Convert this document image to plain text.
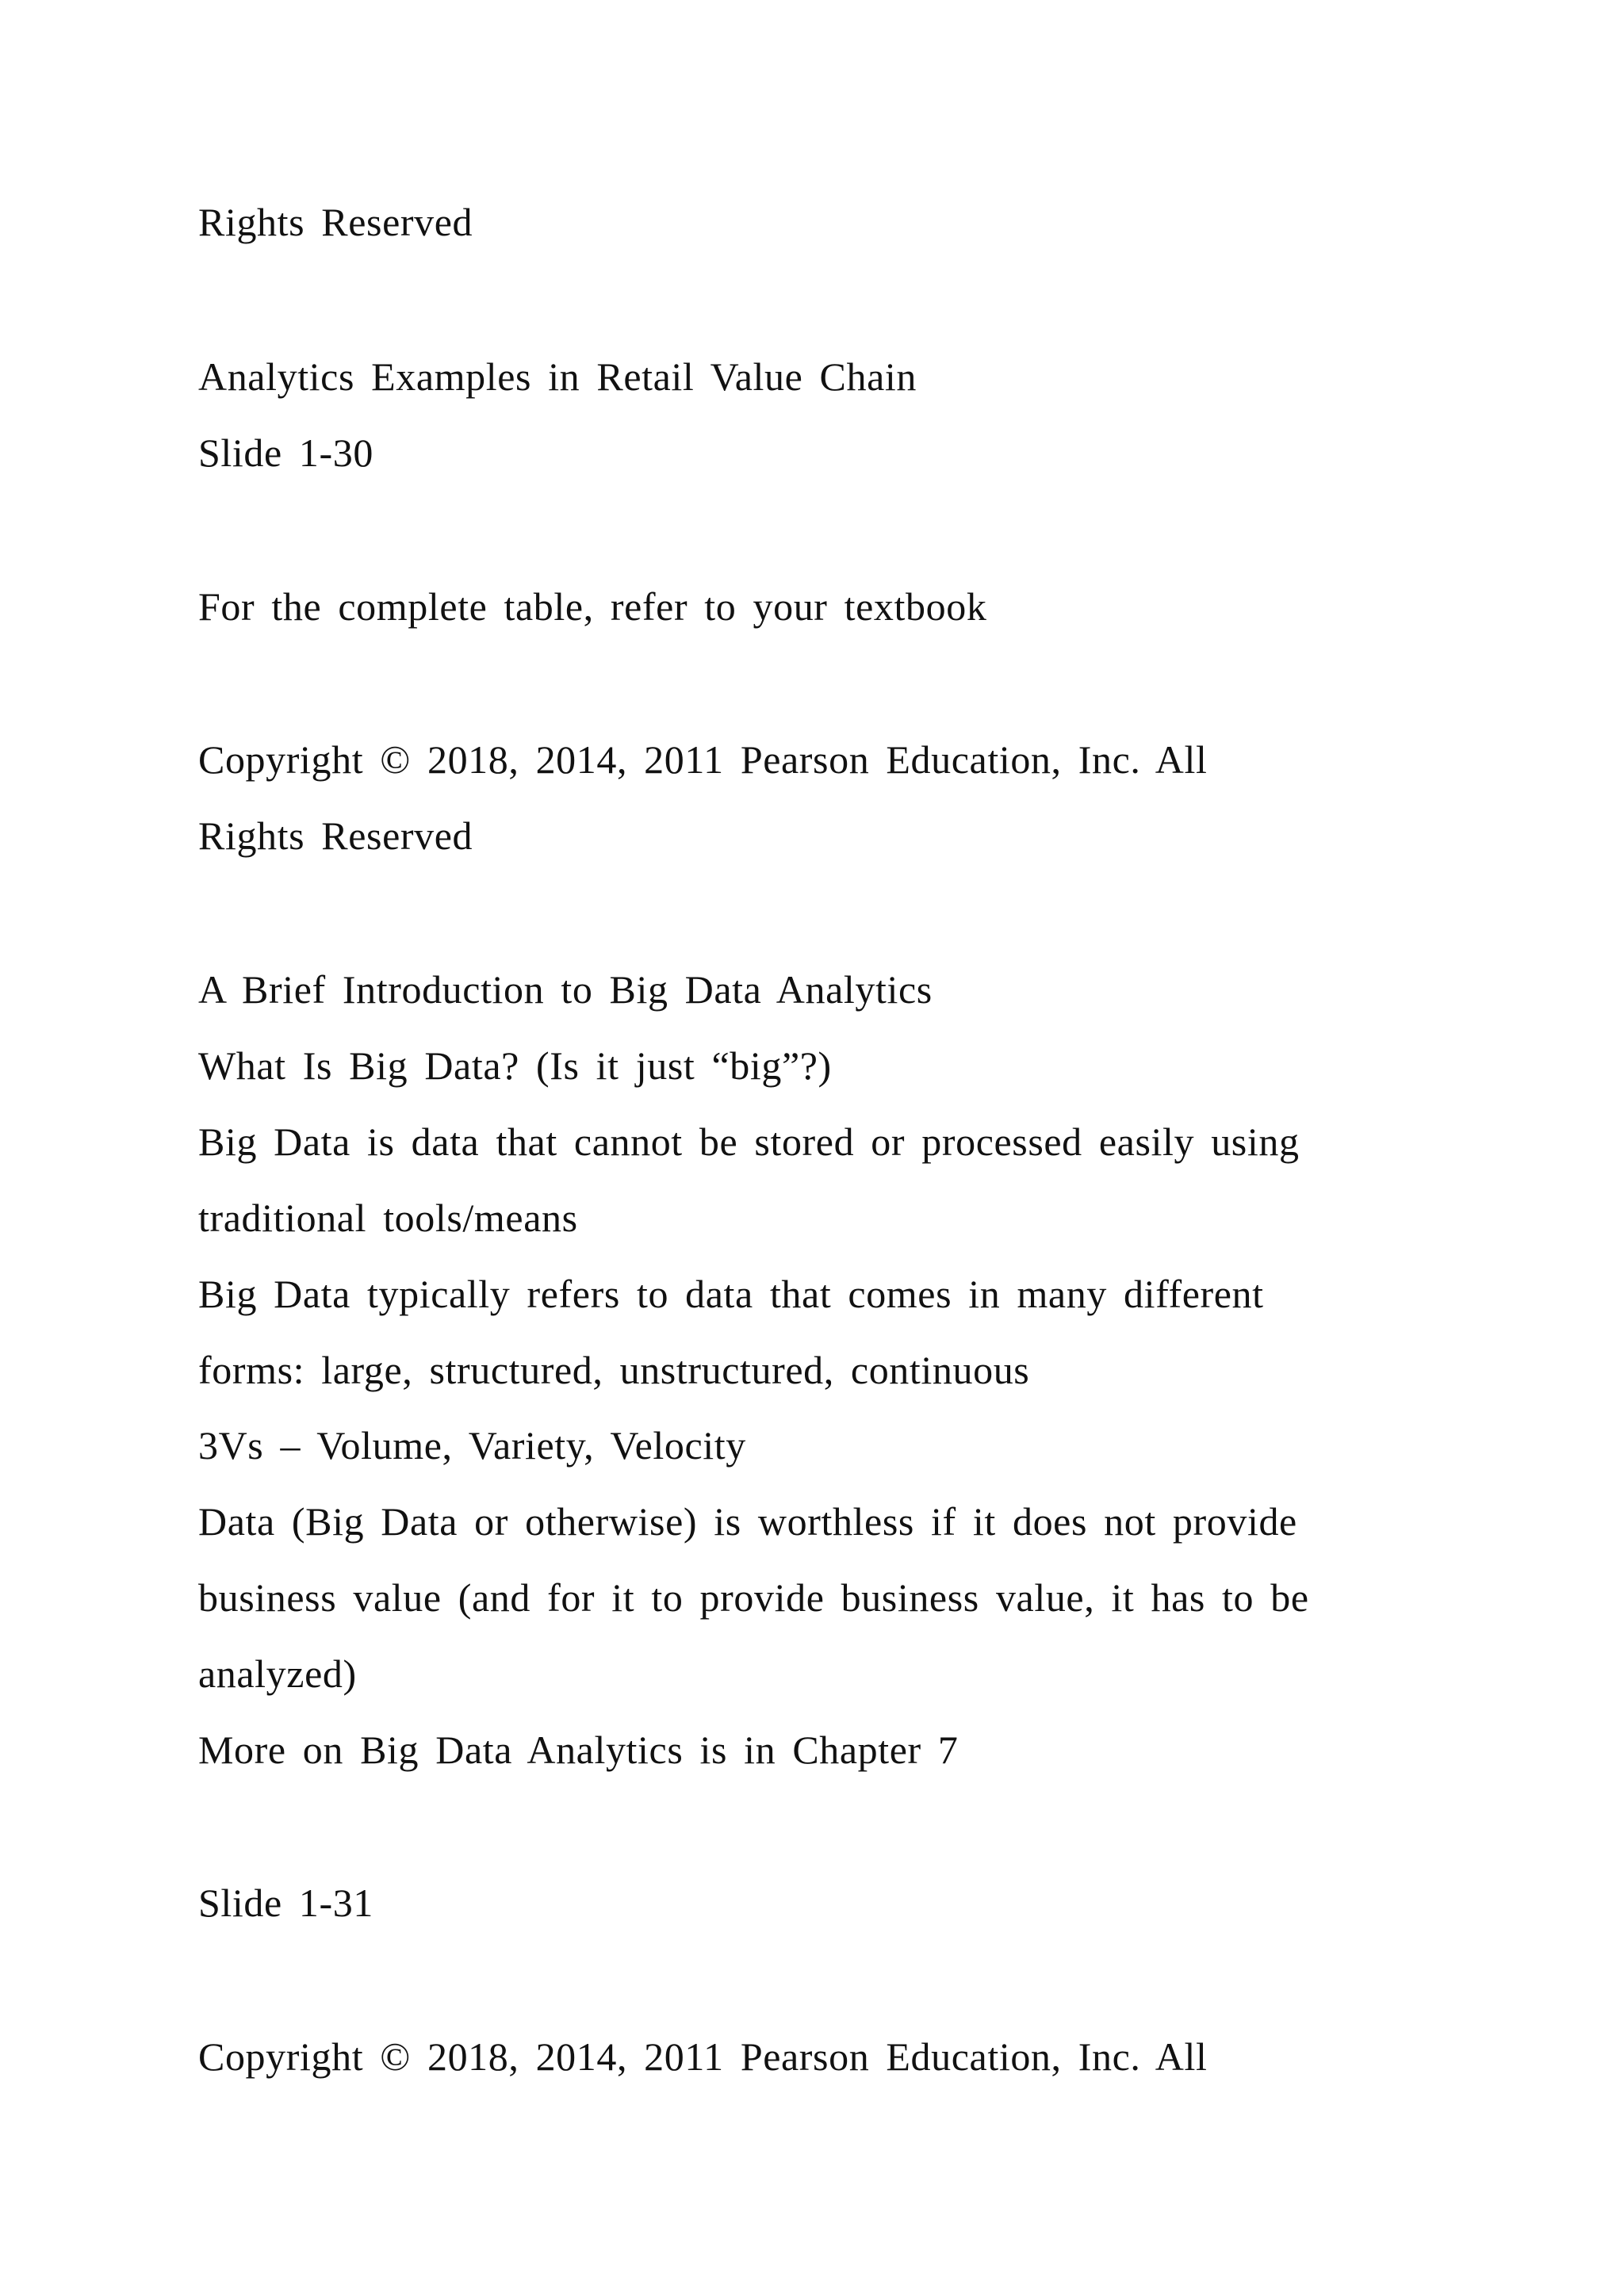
Rights Reserved
Analytics Examples in Retail Value Chain
Slide 1-30
For the complete table, refer to your textbook
Copyright © 2018, 2014, 2011 Pearson Education, Inc. All
Rights Reserved
A Brief Introduction to Big Data Analytics
What Is Big Data? (Is it just “big”?)
Big Data is data that cannot be stored or processed easily using
traditional tools/means
Big Data typically refers to data that comes in many different
forms: large, structured, unstructured, continuous
3Vs – Volume, Variety, Velocity
Data (Big Data or otherwise) is worthless if it does not provide
business value (and for it to provide business value, it has to be
analyzed)
More on Big Data Analytics is in Chapter 7
Slide 1-31
Copyright © 2018, 2014, 2011 Pearson Education, Inc. All
